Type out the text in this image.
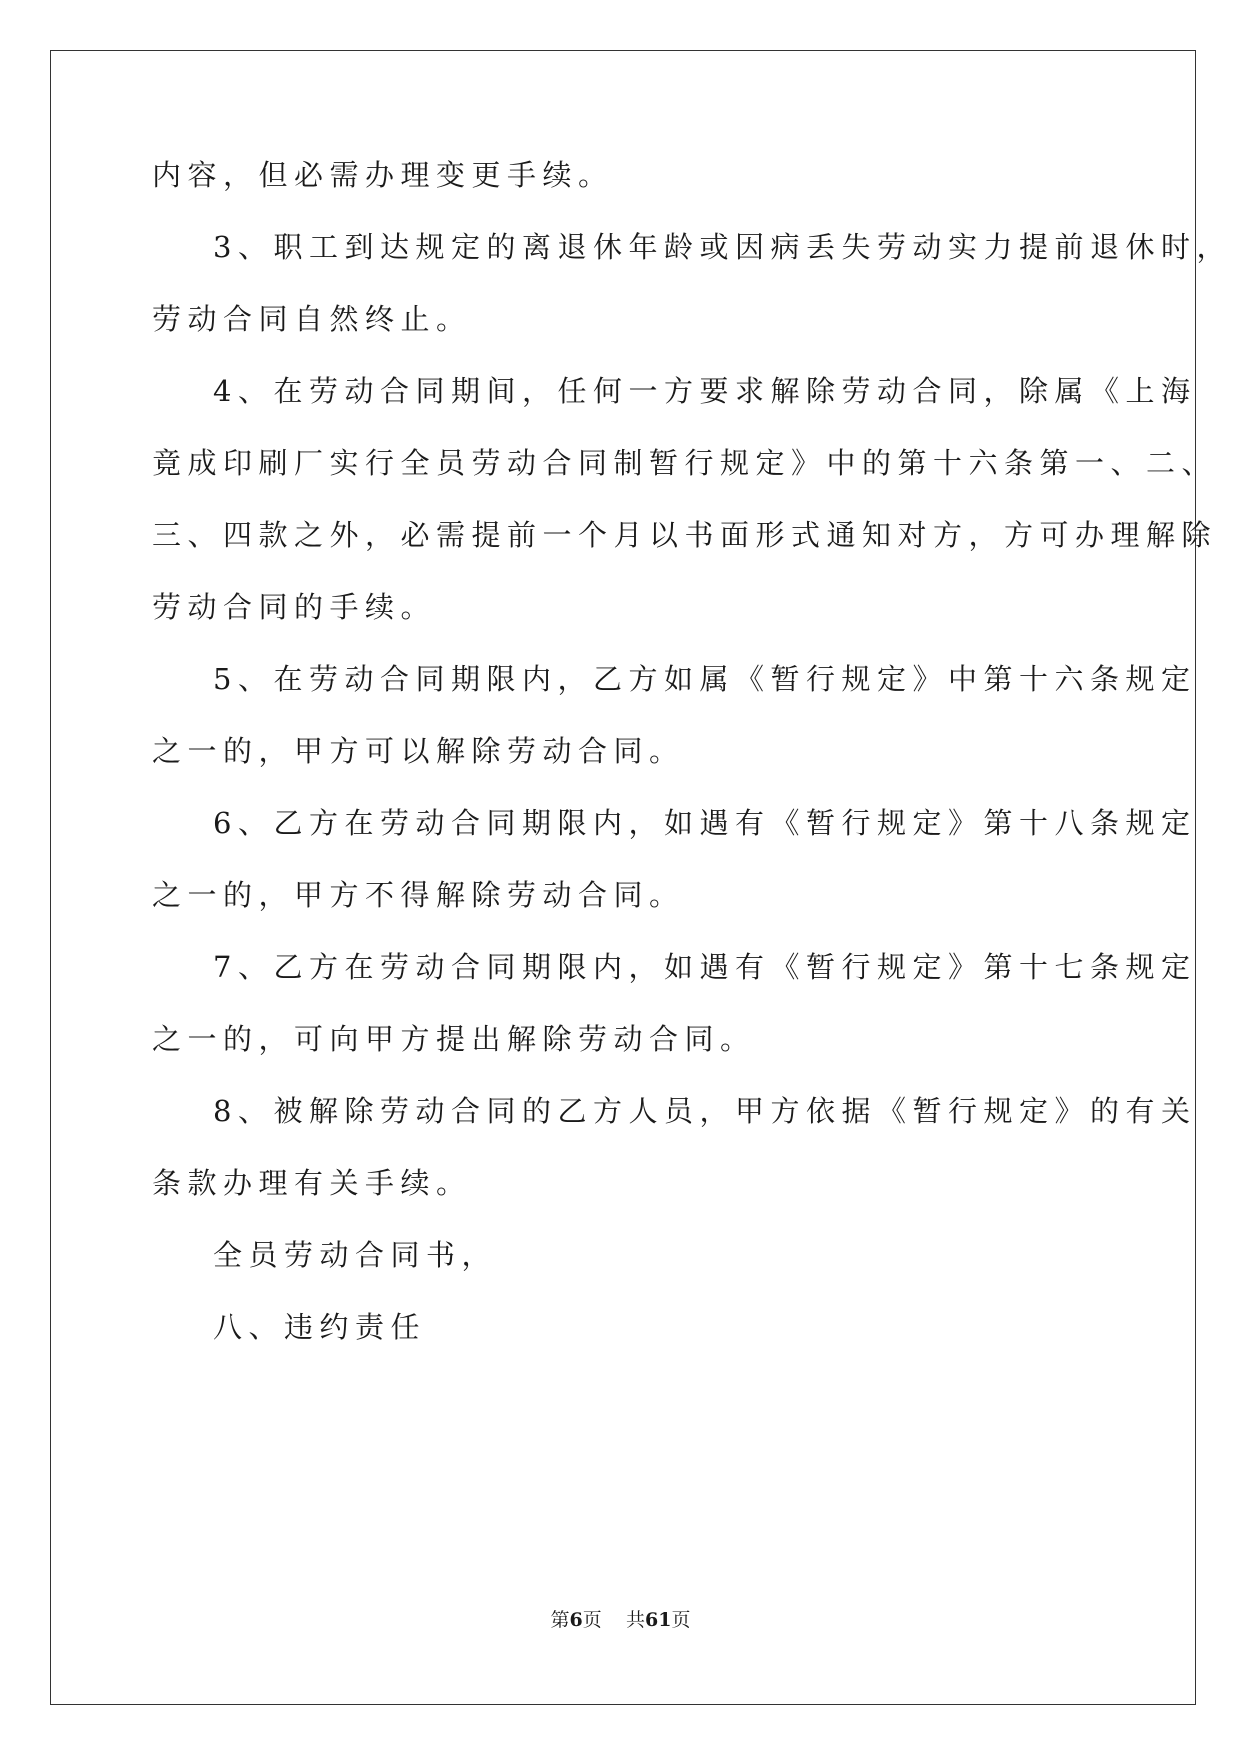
内容，但必需办理变更手续。

3、职工到达规定的离退休年龄或因病丢失劳动实力提前退休时，

劳动合同自然终止。

4、在劳动合同期间，任何一方要求解除劳动合同，除属《上海

竟成印刷厂实行全员劳动合同制暂行规定》中的第十六条第一、二、

三、四款之外，必需提前一个月以书面形式通知对方，方可办理解除

劳动合同的手续。

5、在劳动合同期限内，乙方如属《暂行规定》中第十六条规定

之一的，甲方可以解除劳动合同。

6、乙方在劳动合同期限内，如遇有《暂行规定》第十八条规定

之一的，甲方不得解除劳动合同。

7、乙方在劳动合同期限内，如遇有《暂行规定》第十七条规定

之一的，可向甲方提出解除劳动合同。

8、被解除劳动合同的乙方人员，甲方依据《暂行规定》的有关

条款办理有关手续。

全员劳动合同书，

八、违约责任

第6页 共61页
